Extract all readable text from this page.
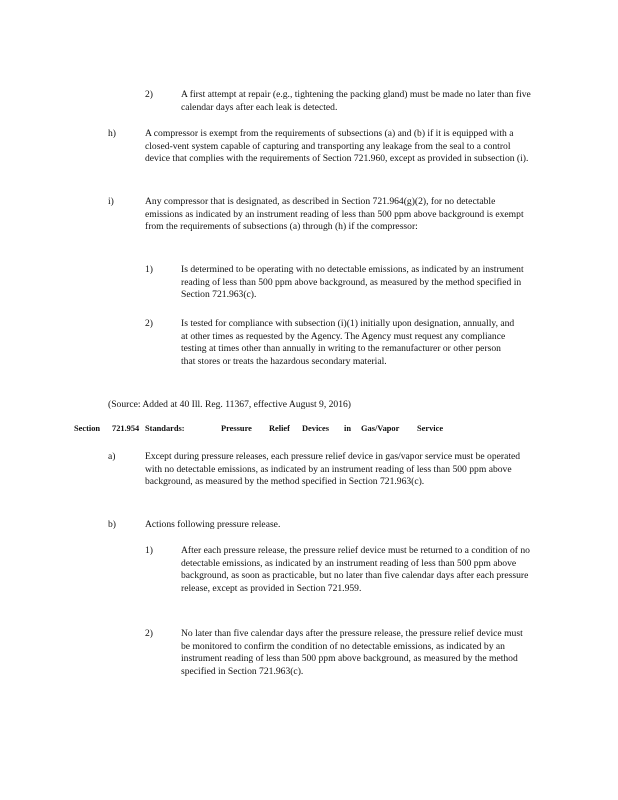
2)	A first attempt at repair (e.g., tightening the packing gland) must be made no later than five calendar days after each leak is detected.
h)	A compressor is exempt from the requirements of subsections (a) and (b) if it is equipped with a closed-vent system capable of capturing and transporting any leakage from the seal to a control device that complies with the requirements of Section 721.960, except as provided in subsection (i).
i)	Any compressor that is designated, as described in Section 721.964(g)(2), for no detectable emissions as indicated by an instrument reading of less than 500 ppm above background is exempt from the requirements of subsections (a) through (h) if the compressor:
1)	Is determined to be operating with no detectable emissions, as indicated by an instrument reading of less than 500 ppm above background, as measured by the method specified in Section 721.963(c).
2)	Is tested for compliance with subsection (i)(1) initially upon designation, annually, and at other times as requested by the Agency. The Agency must request any compliance testing at times other than annually in writing to the remanufacturer or other person that stores or treats the hazardous secondary material.
(Source: Added at 40 Ill. Reg. 11367, effective August 9, 2016)
Section 721.954 Standards:	Pressure Relief Devices in Gas/Vapor Service
a)	Except during pressure releases, each pressure relief device in gas/vapor service must be operated with no detectable emissions, as indicated by an instrument reading of less than 500 ppm above background, as measured by the method specified in Section 721.963(c).
b)	Actions following pressure release.
1)	After each pressure release, the pressure relief device must be returned to a condition of no detectable emissions, as indicated by an instrument reading of less than 500 ppm above background, as soon as practicable, but no later than five calendar days after each pressure release, except as provided in Section 721.959.
2)	No later than five calendar days after the pressure release, the pressure relief device must be monitored to confirm the condition of no detectable emissions, as indicated by an instrument reading of less than 500 ppm above background, as measured by the method specified in Section 721.963(c).
